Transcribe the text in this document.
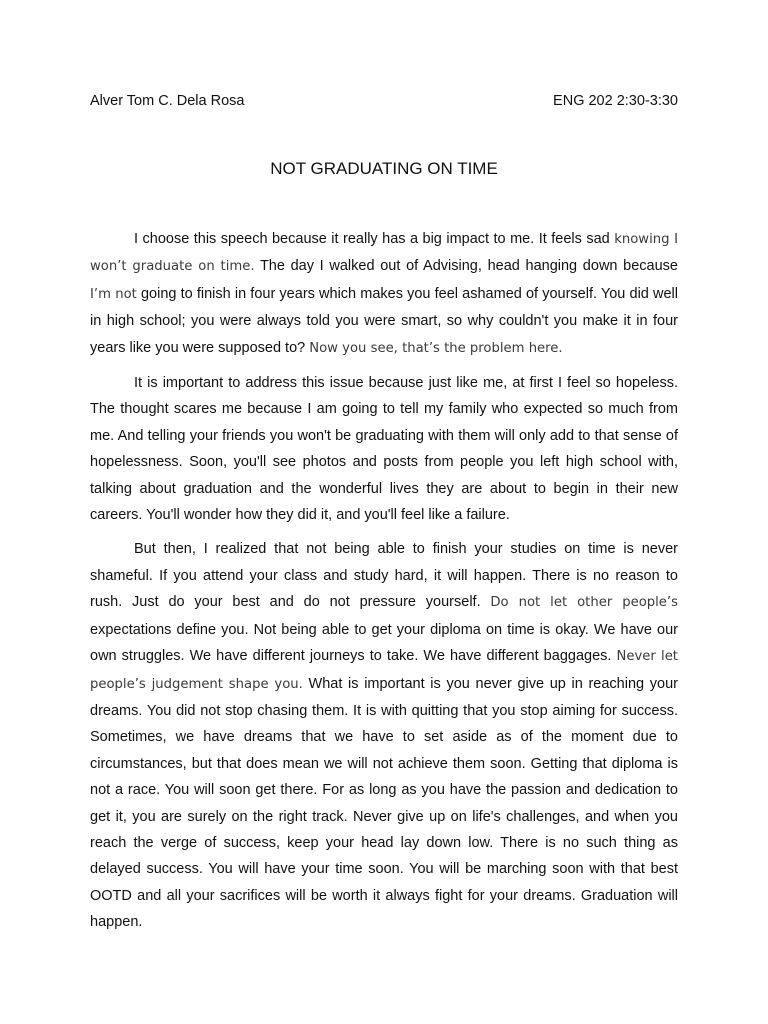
Alver Tom C. Dela Rosa	ENG 202 2:30-3:30
NOT GRADUATING ON TIME

I choose this speech because it really has a big impact to me. It feels sad knowing I won’t graduate on time. The day I walked out of Advising, head hanging down because I’m not going to finish in four years which makes you feel ashamed of yourself. You did well in high school; you were always told you were smart, so why couldn't you make it in four years like you were supposed to? Now you see, that’s the problem here.

It is important to address this issue because just like me, at first I feel so hopeless. The thought scares me because I am going to tell my family who expected so much from me. And telling your friends you won't be graduating with them will only add to that sense of hopelessness. Soon, you'll see photos and posts from people you left high school with, talking about graduation and the wonderful lives they are about to begin in their new careers. You'll wonder how they did it, and you'll feel like a failure.

But then, I realized that not being able to finish your studies on time is never shameful. If you attend your class and study hard, it will happen. There is no reason to rush. Just do your best and do not pressure yourself. Do not let other people’s expectations define you. Not being able to get your diploma on time is okay. We have our own struggles. We have different journeys to take. We have different baggages. Never let people’s judgement shape you. What is important is you never give up in reaching your dreams. You did not stop chasing them. It is with quitting that you stop aiming for success. Sometimes, we have dreams that we have to set aside as of the moment due to circumstances, but that does mean we will not achieve them soon. Getting that diploma is not a race. You will soon get there. For as long as you have the passion and dedication to get it, you are surely on the right track. Never give up on life's challenges, and when you reach the verge of success, keep your head lay down low. There is no such thing as delayed success. You will have your time soon. You will be marching soon with that best OOTD and all your sacrifices will be worth it always fight for your dreams. Graduation will happen.
